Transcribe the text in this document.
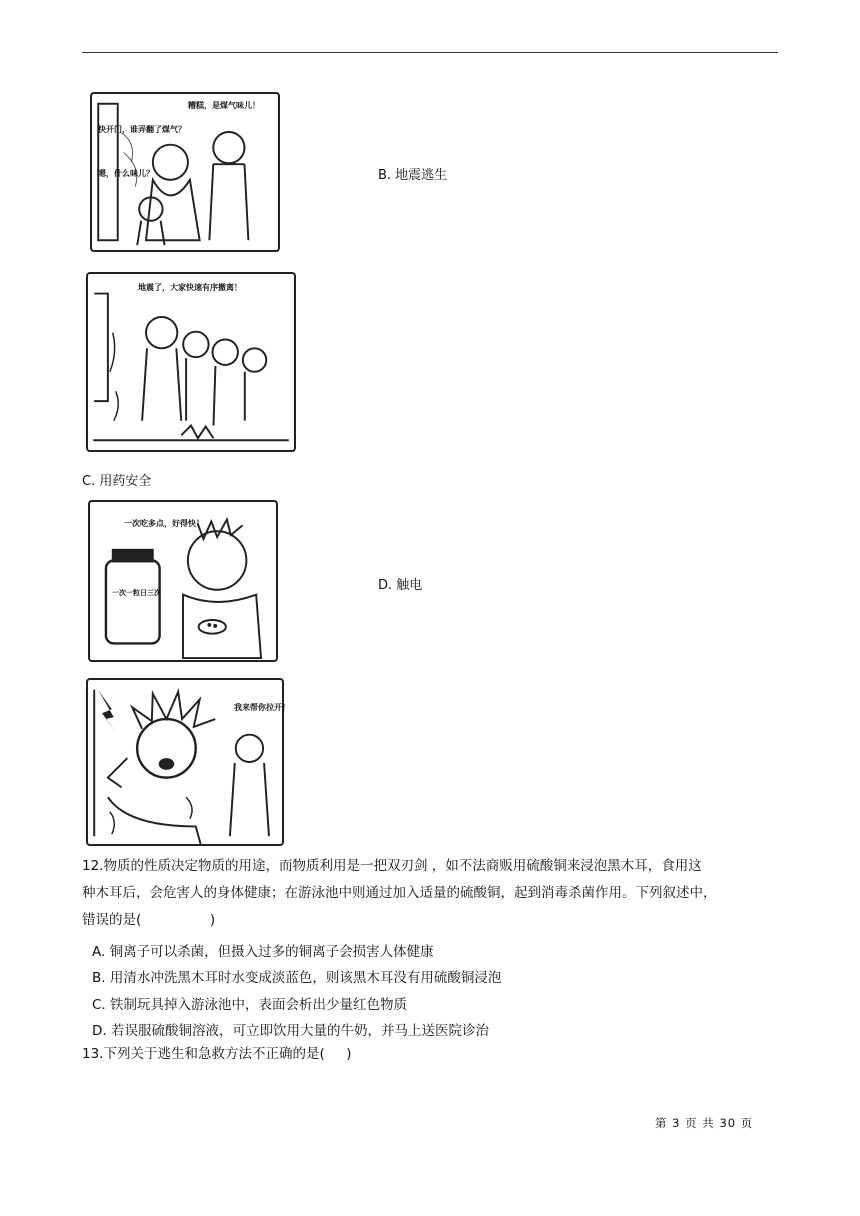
糟糕，是煤气味儿！
快开门，谁弄翻了煤气？
嗯，什么味儿？	B. 地震逃生
地震了，大家快速有序撤离！
C. 用药安全
一次吃多点，好得快！
一次一粒日三次	D. 触电
我来帮你拉开！
12.物质的性质决定物质的用途，而物质利用是一把双刃剑 ，如不法商贩用硫酸铜来浸泡黑木耳，食用这
种木耳后，会危害人的身体健康；在游泳池中则通过加入适量的硫酸铜，起到消毒杀菌作用。下列叙述中，
错误的是(                )
A. 铜离子可以杀菌，但摄入过多的铜离子会损害人体健康
B. 用清水冲洗黑木耳时水变成淡蓝色，则该黑木耳没有用硫酸铜浸泡
C. 铁制玩具掉入游泳池中，表面会析出少量红色物质
D. 若误服硫酸铜溶液，可立即饮用大量的牛奶，并马上送医院诊治
13.下列关于逃生和急救方法不正确的是(     )
第 3 页 共 30 页
